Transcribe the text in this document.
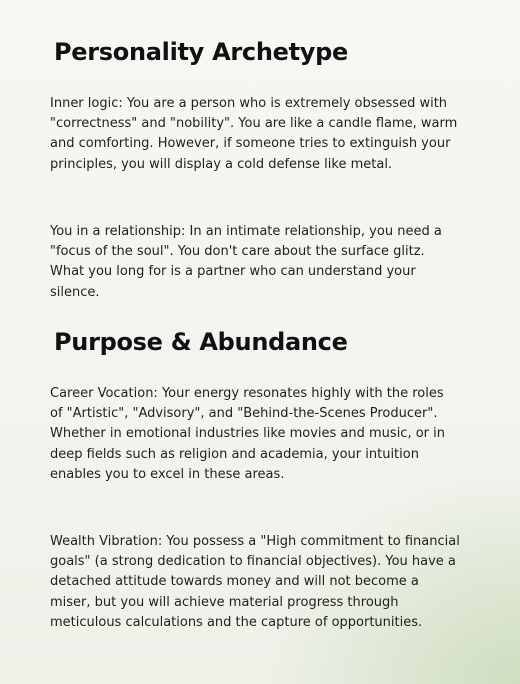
Personality Archetype

Inner logic: You are a person who is extremely obsessed with "correctness" and "nobility". You are like a candle flame, warm and comforting. However, if someone tries to extinguish your principles, you will display a cold defense like metal.

You in a relationship: In an intimate relationship, you need a "focus of the soul". You don't care about the surface glitz. What you long for is a partner who can understand your silence.

Purpose & Abundance

Career Vocation: Your energy resonates highly with the roles of "Artistic", "Advisory", and "Behind-the-Scenes Producer". Whether in emotional industries like movies and music, or in deep fields such as religion and academia, your intuition enables you to excel in these areas.

Wealth Vibration: You possess a "High commitment to financial goals" (a strong dedication to financial objectives). You have a detached attitude towards money and will not become a miser, but you will achieve material progress through meticulous calculations and the capture of opportunities.
